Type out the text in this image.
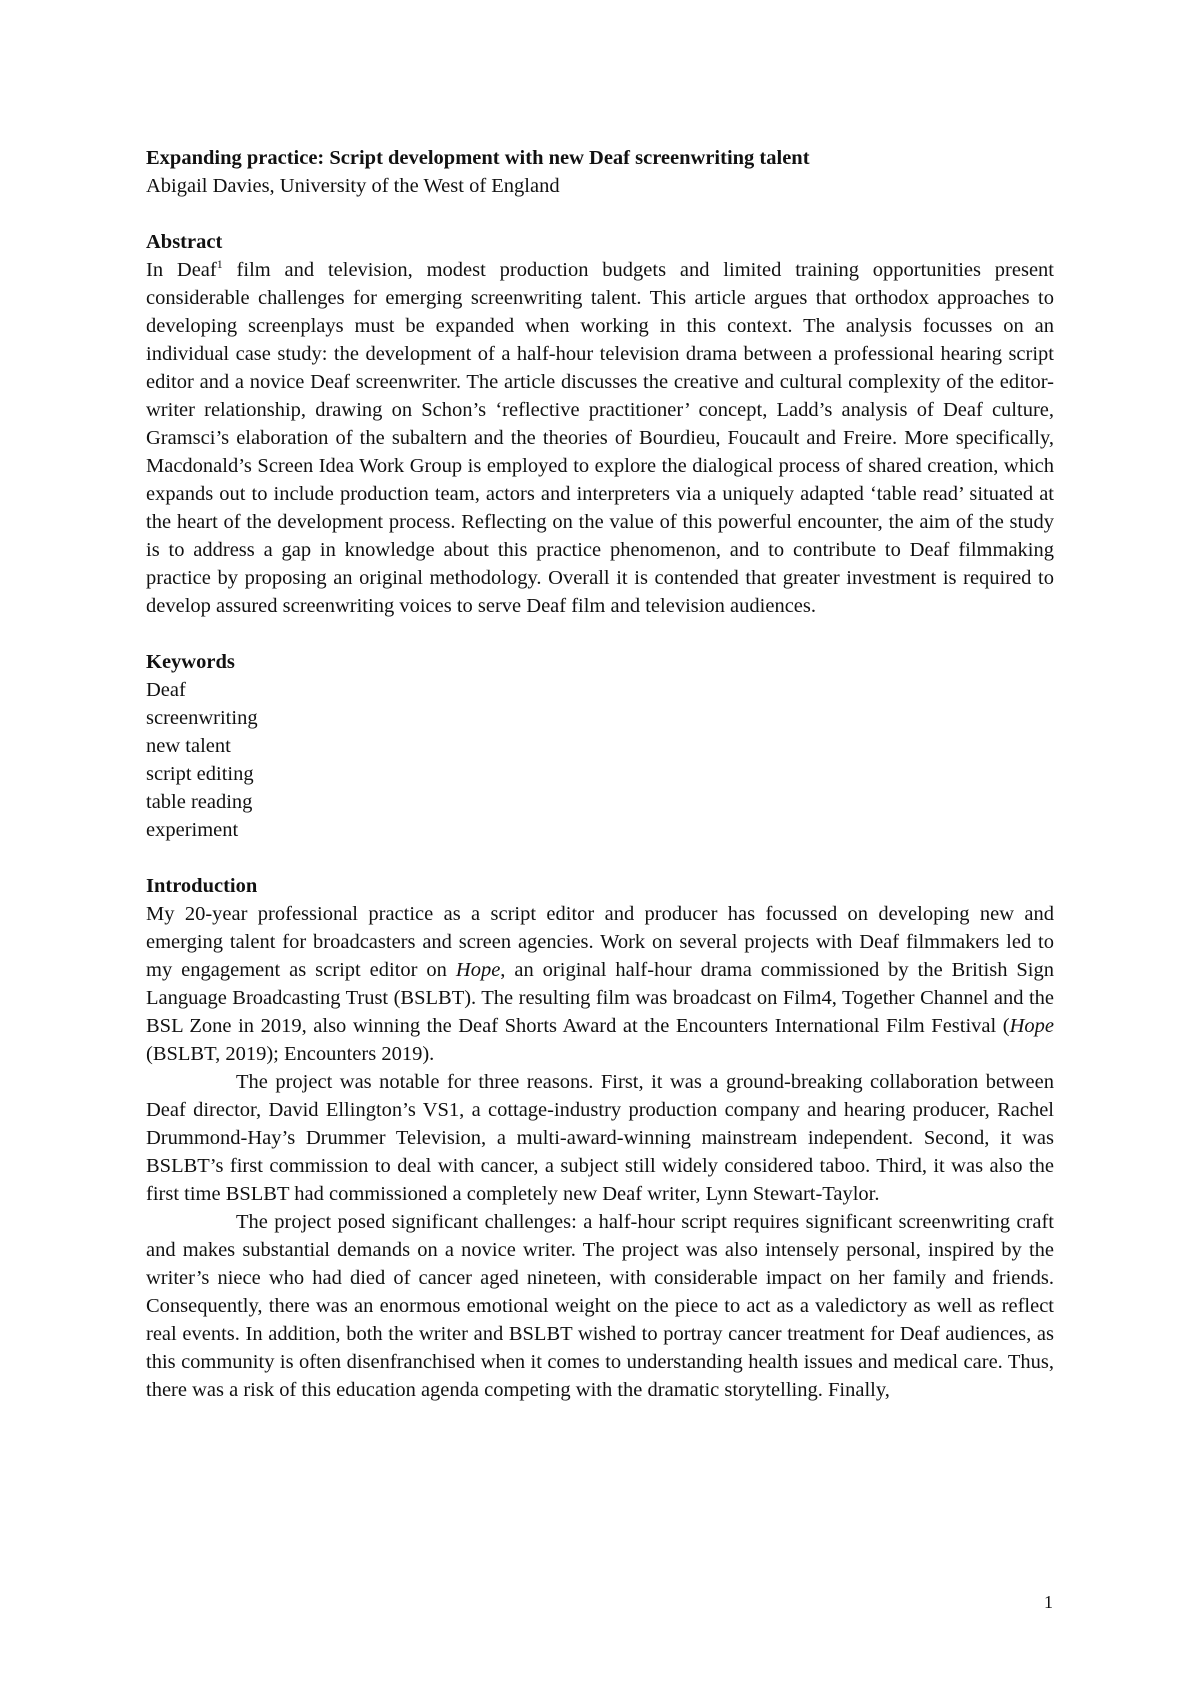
Expanding practice: Script development with new Deaf screenwriting talent

Abigail Davies, University of the West of England

Abstract

In Deaf$^1$ film and television, modest production budgets and limited training opportunities present considerable challenges for emerging screenwriting talent. This article argues that orthodox approaches to developing screenplays must be expanded when working in this context. The analysis focusses on an individual case study: the development of a half-hour television drama between a professional hearing script editor and a novice Deaf screenwriter. The article discusses the creative and cultural complexity of the editor-writer relationship, drawing on Schon’s ‘reflective practitioner’ concept, Ladd’s analysis of Deaf culture, Gramsci’s elaboration of the subaltern and the theories of Bourdieu, Foucault and Freire. More specifically, Macdonald’s Screen Idea Work Group is employed to explore the dialogical process of shared creation, which expands out to include production team, actors and interpreters via a uniquely adapted ‘table read’ situated at the heart of the development process. Reflecting on the value of this powerful encounter, the aim of the study is to address a gap in knowledge about this practice phenomenon, and to contribute to Deaf filmmaking practice by proposing an original methodology. Overall it is contended that greater investment is required to develop assured screenwriting voices to serve Deaf film and television audiences.

Keywords

Deaf
screenwriting
new talent
script editing
table reading
experiment

Introduction

My 20-year professional practice as a script editor and producer has focussed on developing new and emerging talent for broadcasters and screen agencies. Work on several projects with Deaf filmmakers led to my engagement as script editor on Hope, an original half-hour drama commissioned by the British Sign Language Broadcasting Trust (BSLBT). The resulting film was broadcast on Film4, Together Channel and the BSL Zone in 2019, also winning the Deaf Shorts Award at the Encounters International Film Festival (Hope (BSLBT, 2019); Encounters 2019).

The project was notable for three reasons. First, it was a ground-breaking collaboration between Deaf director, David Ellington’s VS1, a cottage-industry production company and hearing producer, Rachel Drummond-Hay’s Drummer Television, a multi-award-winning mainstream independent. Second, it was BSLBT’s first commission to deal with cancer, a subject still widely considered taboo. Third, it was also the first time BSLBT had commissioned a completely new Deaf writer, Lynn Stewart-Taylor.

The project posed significant challenges: a half-hour script requires significant screenwriting craft and makes substantial demands on a novice writer. The project was also intensely personal, inspired by the writer’s niece who had died of cancer aged nineteen, with considerable impact on her family and friends. Consequently, there was an enormous emotional weight on the piece to act as a valedictory as well as reflect real events. In addition, both the writer and BSLBT wished to portray cancer treatment for Deaf audiences, as this community is often disenfranchised when it comes to understanding health issues and medical care. Thus, there was a risk of this education agenda competing with the dramatic storytelling. Finally,

1
